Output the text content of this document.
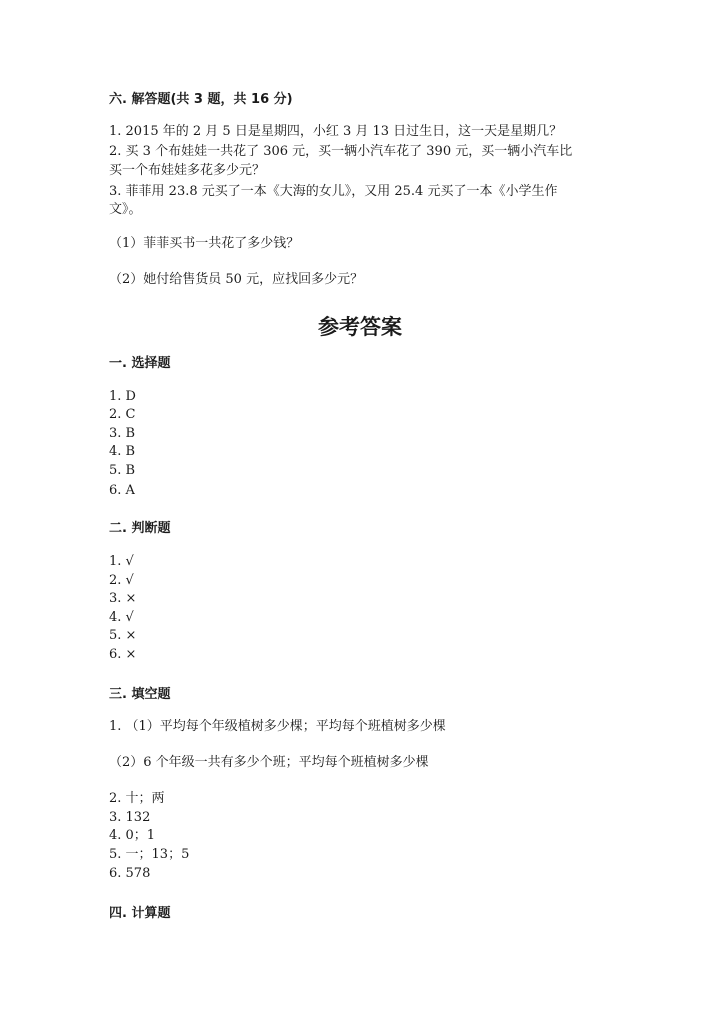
六. 解答题(共 3 题，共 16 分)
1. 2015 年的 2 月 5 日是星期四，小红 3 月 13 日过生日，这一天是星期几？
2. 买 3 个布娃娃一共花了 306 元，买一辆小汽车花了 390 元，买一辆小汽车比
买一个布娃娃多花多少元？
3. 菲菲用 23.8 元买了一本《大海的女儿》，又用 25.4 元买了一本《小学生作
文》。
（1）菲菲买书一共花了多少钱？
（2）她付给售货员 50 元，应找回多少元？
参考答案
一. 选择题
1. D
2. C
3. B
4. B
5. B
6. A
二. 判断题
1. √
2. √
3. ×
4. √
5. ×
6. ×
三. 填空题
1. （1）平均每个年级植树多少棵；平均每个班植树多少棵
（2）6 个年级一共有多少个班；平均每个班植树多少棵
2. 十；两
3. 132
4. 0；1
5. 一；13；5
6. 578
四. 计算题
